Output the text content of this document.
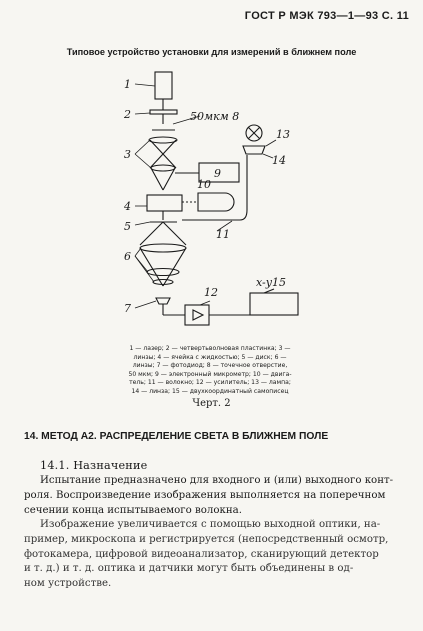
ГОСТ Р МЭК 793—1—93 С. 11
Типовое устройство установки для измерений в ближнем поле
1
2
3
4
5
6
7
50мкм 8
9
10
11
12
13
14
x-y15
1 — лазер; 2 — четвертьволновая пластинка; 3 —
линзы; 4 — ячейка с жидкостью; 5 — диск; 6 —
линзы; 7 — фотодиод; 8 — точечное отверстие,
50 мкм; 9 — электронный микрометр; 10 — двига-
тель; 11 — волокно; 12 — усилитель; 13 — лампа;
14 — линза; 15 — двухкоординатный самописец
Черт. 2
14. МЕТОД А2. РАСПРЕДЕЛЕНИЕ СВЕТА В БЛИЖНЕМ ПОЛЕ
14.1. Назначение
Испытание предназначено для входного и (или) выходного конт-
роля. Воспроизведение изображения выполняется на поперечном
сечении конца испытываемого волокна.
Изображение увеличивается с помощью выходной оптики, на-
пример, микроскопа и регистрируется (непосредственный осмотр,
фотокамера, цифровой видеоанализатор, сканирующий детектор
и т. д.) и т. д. оптика и датчики могут быть объединены в од-
ном устройстве.
